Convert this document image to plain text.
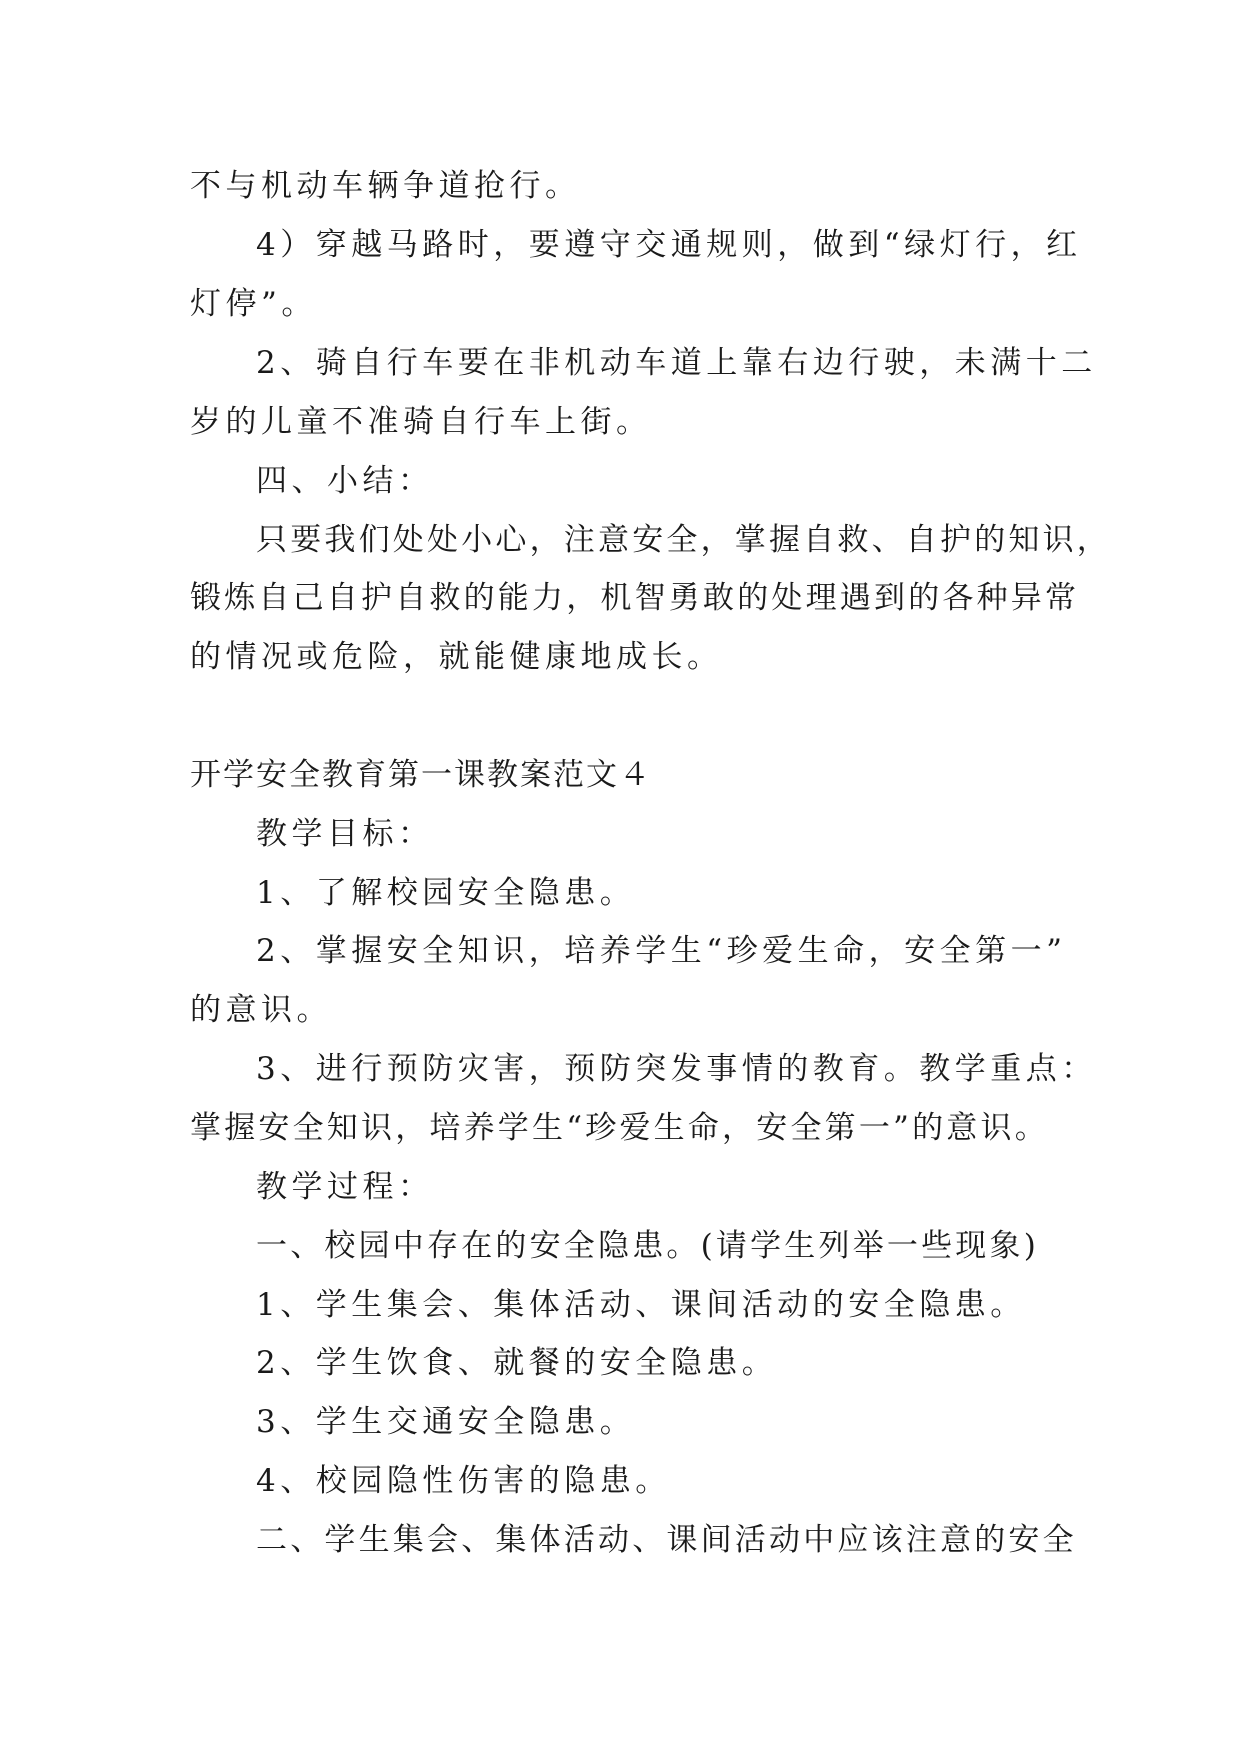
不与机动车辆争道抢行。
4）穿越马路时，要遵守交通规则，做到“绿灯行，红
灯停”。
2、骑自行车要在非机动车道上靠右边行驶，未满十二
岁的儿童不准骑自行车上街。
四、小结：
只要我们处处小心，注意安全，掌握自救、自护的知识，
锻炼自己自护自救的能力，机智勇敢的处理遇到的各种异常
的情况或危险，就能健康地成长。
开学安全教育第一课教案范文４
教学目标：
1、了解校园安全隐患。
2、掌握安全知识，培养学生“珍爱生命，安全第一”
的意识。
3、进行预防灾害，预防突发事情的教育。教学重点：
掌握安全知识，培养学生“珍爱生命，安全第一”的意识。
教学过程：
一、校园中存在的安全隐患。(请学生列举一些现象)
1、学生集会、集体活动、课间活动的安全隐患。
2、学生饮食、就餐的安全隐患。
3、学生交通安全隐患。
4、校园隐性伤害的隐患。
二、学生集会、集体活动、课间活动中应该注意的安全
